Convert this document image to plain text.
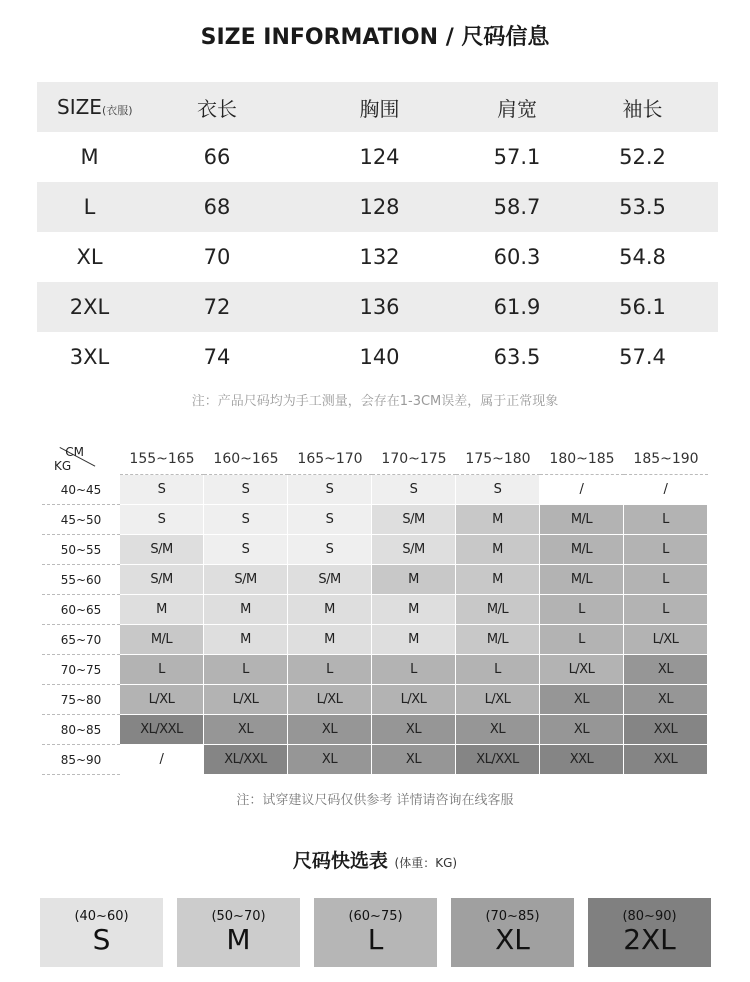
SIZE INFORMATION / 尺码信息
SIZE(衣服)	衣长	胸围	肩宽	袖长
M	66	124	57.1	52.2
L	68	128	58.7	53.5
XL	70	132	60.3	54.8
2XL	72	136	61.9	56.1
3XL	74	140	63.5	57.4
注：产品尺码均为手工测量，会存在1-3CM误差，属于正常现象
KG
CM	155~165	160~165	165~170	170~175	175~180	180~185	185~190
40~45	S	S	S	S	S	/	/
45~50	S	S	S	S/M	M	M/L	L
50~55	S/M	S	S	S/M	M	M/L	L
55~60	S/M	S/M	S/M	M	M	M/L	L
60~65	M	M	M	M	M/L	L	L
65~70	M/L	M	M	M	M/L	L	L/XL
70~75	L	L	L	L	L	L/XL	XL
75~80	L/XL	L/XL	L/XL	L/XL	L/XL	XL	XL
80~85	XL/XXL	XL	XL	XL	XL	XL	XXL
85~90	/	XL/XXL	XL	XL	XL/XXL	XXL	XXL
注：试穿建议尺码仅供参考 详情请咨询在线客服
尺码快选表 (体重：KG)
(40~60)
S
(50~70)
M
(60~75)
L
(70~85)
XL
(80~90)
2XL
